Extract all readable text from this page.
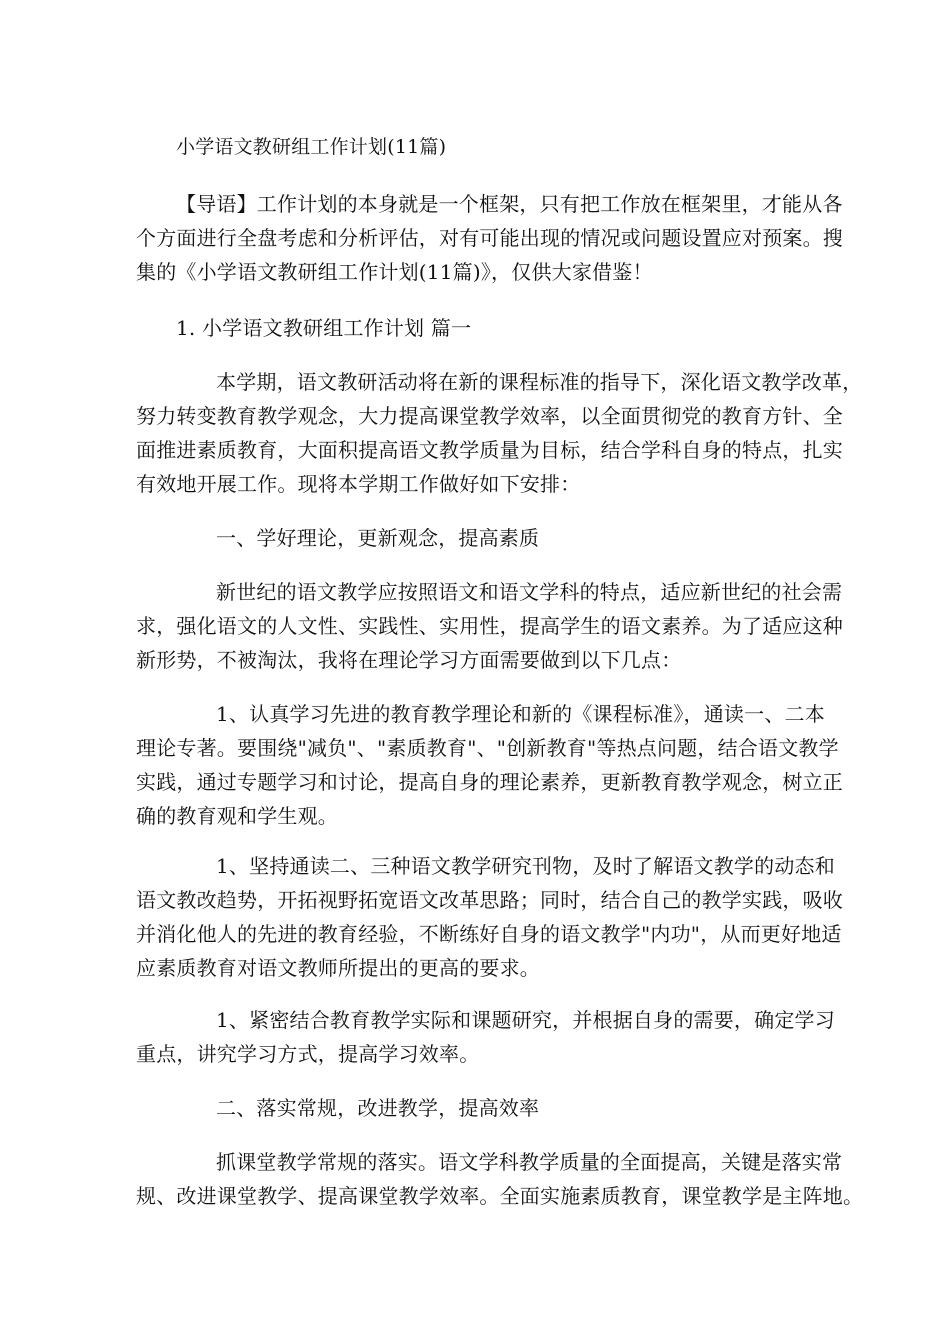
小学语文教研组工作计划(11篇)
【导语】工作计划的本身就是一个框架，只有把工作放在框架里，才能从各
个方面进行全盘考虑和分析评估，对有可能出现的情况或问题设置应对预案。搜
集的《小学语文教研组工作计划(11篇)》，仅供大家借鉴！
1. 小学语文教研组工作计划 篇一
本学期，语文教研活动将在新的课程标准的指导下，深化语文教学改革，
努力转变教育教学观念，大力提高课堂教学效率，以全面贯彻党的教育方针、全
面推进素质教育，大面积提高语文教学质量为目标，结合学科自身的特点，扎实
有效地开展工作。现将本学期工作做好如下安排：
一、学好理论，更新观念，提高素质
新世纪的语文教学应按照语文和语文学科的特点，适应新世纪的社会需
求，强化语文的人文性、实践性、实用性，提高学生的语文素养。为了适应这种
新形势，不被淘汰，我将在理论学习方面需要做到以下几点：
1、认真学习先进的教育教学理论和新的《课程标准》，通读一、二本
理论专著。要围绕"减负"、"素质教育"、"创新教育"等热点问题，结合语文教学
实践，通过专题学习和讨论，提高自身的理论素养，更新教育教学观念，树立正
确的教育观和学生观。
1、坚持通读二、三种语文教学研究刊物，及时了解语文教学的动态和
语文教改趋势，开拓视野拓宽语文改革思路；同时，结合自己的教学实践，吸收
并消化他人的先进的教育经验，不断练好自身的语文教学"内功"，从而更好地适
应素质教育对语文教师所提出的更高的要求。
1、紧密结合教育教学实际和课题研究，并根据自身的需要，确定学习
重点，讲究学习方式，提高学习效率。
二、落实常规，改进教学，提高效率
抓课堂教学常规的落实。语文学科教学质量的全面提高，关键是落实常
规、改进课堂教学、提高课堂教学效率。全面实施素质教育，课堂教学是主阵地。
